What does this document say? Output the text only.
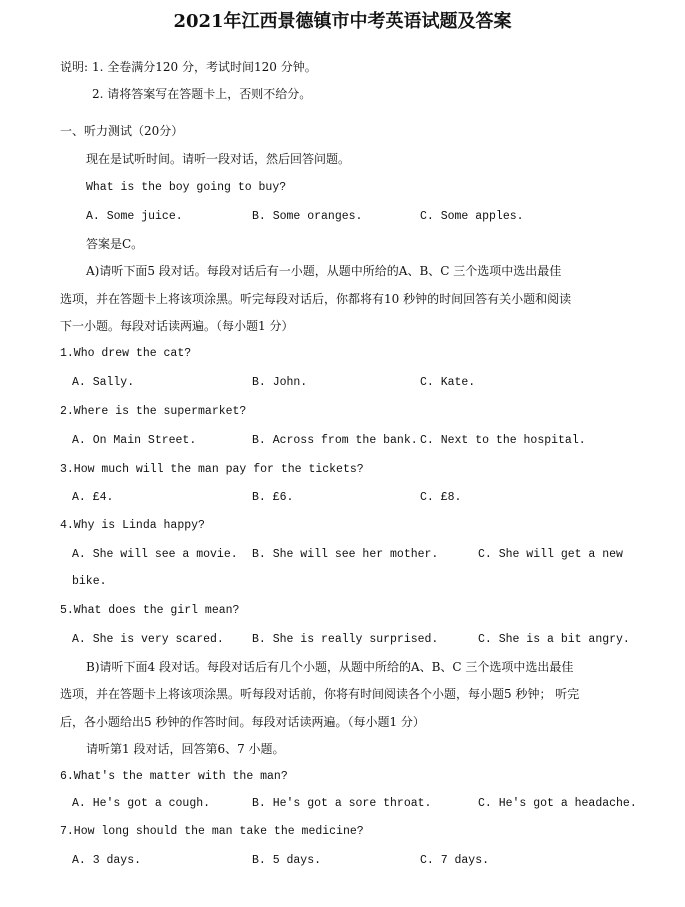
2021年江西景德镇市中考英语试题及答案
说明: 1. 全卷满分120 分，考试时间120 分钟。
2. 请将答案写在答题卡上，否则不给分。
一、听力测试（20分）
现在是试听时间。请听一段对话，然后回答问题。
What is the boy going to buy?
A. Some juice.	B. Some oranges.	C. Some apples.
答案是C。
A)请听下面5 段对话。每段对话后有一小题，从题中所给的A、B、C 三个选项中选出最佳
选项，并在答题卡上将该项涂黑。听完每段对话后，你都将有10 秒钟的时间回答有关小题和阅读
下一小题。每段对话读两遍。（每小题1 分）
1.Who drew the cat?
A. Sally.	B. John.	C. Kate.
2.Where is the supermarket?
A. On Main Street.	B. Across from the bank. C. Next to the hospital.
3.How much will the man pay for the tickets?
A. £4.	B. £6.	C. £8.
4.Why is Linda happy?
A. She will see a movie. B. She will see her mother.	C. She will get a new
bike.
5.What does the girl mean?
A. She is very scared. B. She is really surprised.	C. She is a bit angry.
B)请听下面4 段对话。每段对话后有几个小题，从题中所给的A、B、C 三个选项中选出最佳
选项，并在答题卡上将该项涂黑。听每段对话前，你将有时间阅读各个小题，每小题5 秒钟； 听完
后，各小题给出5 秒钟的作答时间。每段对话读两遍。（每小题1 分）
请听第1 段对话，回答第6、7 小题。
6.What's the matter with the man?
A. He's got a cough.	B. He's got a sore throat.	C. He's got a headache.
7.How long should the man take the medicine?
A. 3 days.	B. 5 days.	C. 7 days.
